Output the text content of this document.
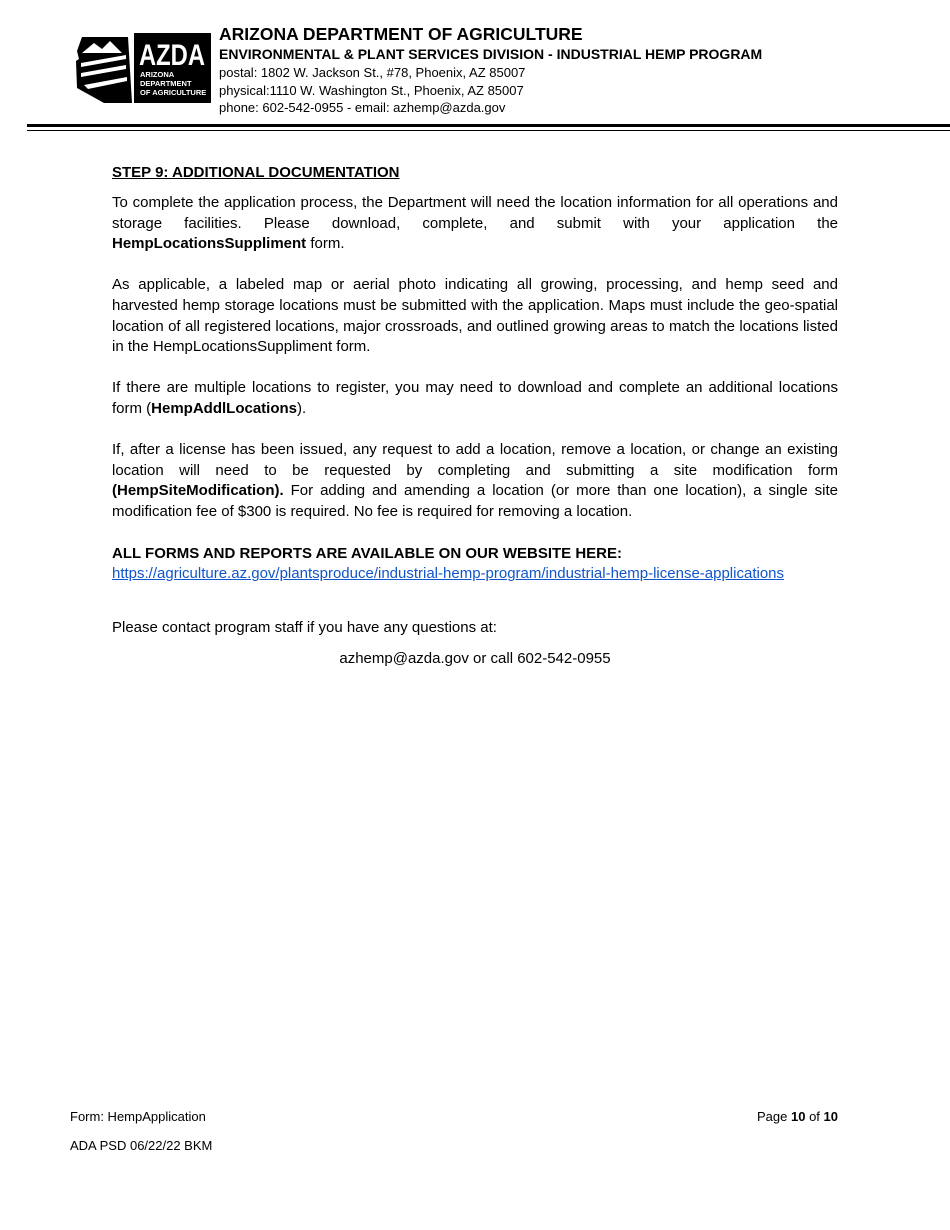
AZDA
ARIZONA
DEPARTMENT
OF AGRICULTURE
ARIZONA DEPARTMENT OF AGRICULTURE
ENVIRONMENTAL & PLANT SERVICES DIVISION - INDUSTRIAL HEMP PROGRAM
postal: 1802 W. Jackson St., #78, Phoenix, AZ 85007
physical:1110 W. Washington St., Phoenix, AZ 85007
phone: 602-542-0955 - email: azhemp@azda.gov
STEP 9: ADDITIONAL DOCUMENTATION

To complete the application process, the Department will need the location information for all operations and storage facilities. Please download, complete, and submit with your application the HempLocationsSuppliment form.

As applicable, a labeled map or aerial photo indicating all growing, processing, and hemp seed and harvested hemp storage locations must be submitted with the application. Maps must include the geo-spatial location of all registered locations, major crossroads, and outlined growing areas to match the locations listed in the HempLocationsSuppliment form.

If there are multiple locations to register, you may need to download and complete an additional locations form (HempAddlLocations).

If, after a license has been issued, any request to add a location, remove a location, or change an existing location will need to be requested by completing and submitting a site modification form (HempSiteModification). For adding and amending a location (or more than one location), a single site modification fee of $300 is required. No fee is required for removing a location.

ALL FORMS AND REPORTS ARE AVAILABLE ON OUR WEBSITE HERE:
https://agriculture.az.gov/plantsproduce/industrial-hemp-program/industrial-hemp-license-applications
Please contact program staff if you have any questions at:
azhemp@azda.gov or call 602-542-0955
Form: HempApplication	Page 10 of 10
ADA PSD 06/22/22 BKM
